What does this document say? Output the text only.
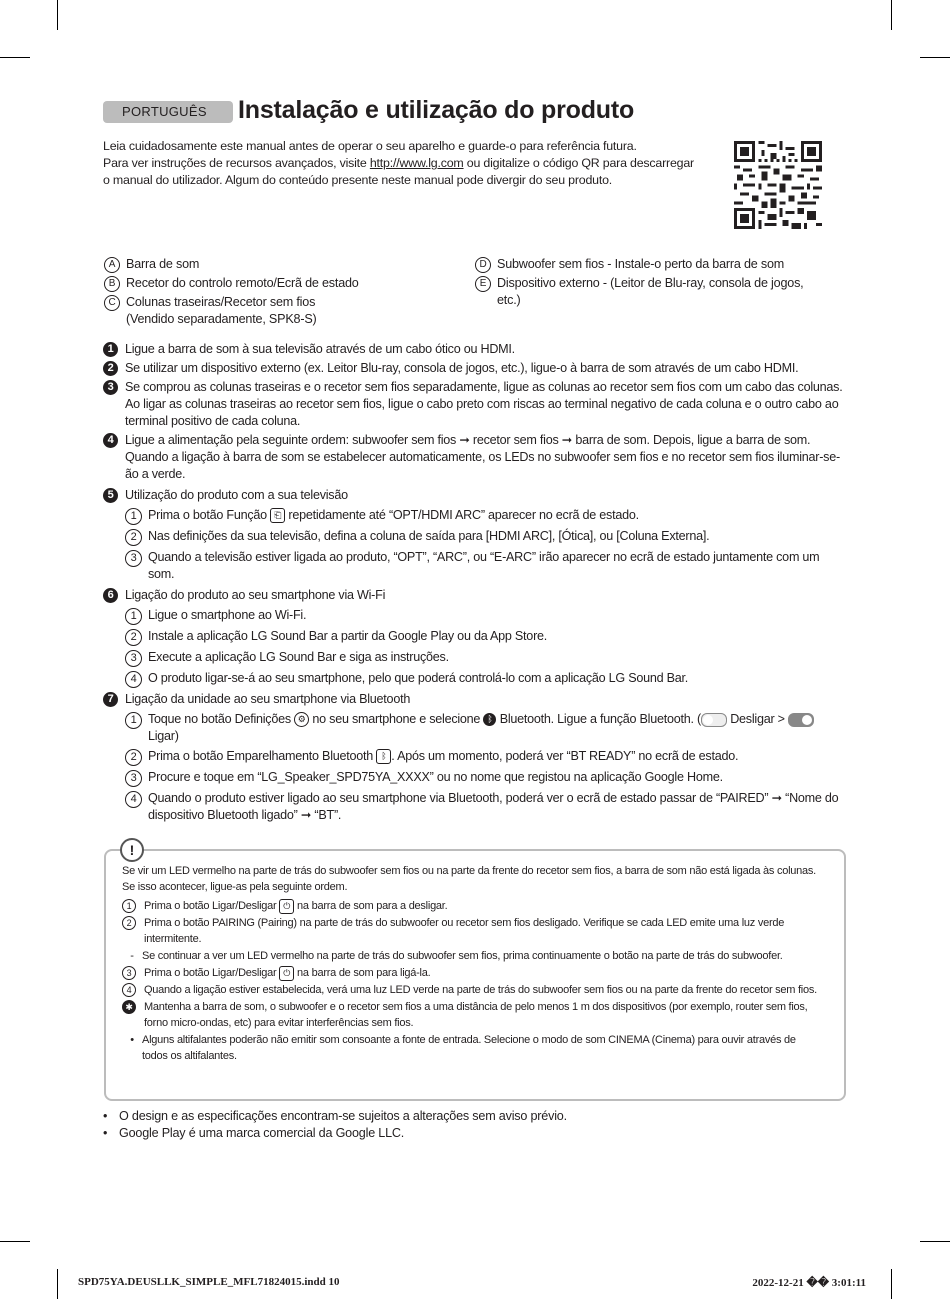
PORTUGUÊS	Instalação e utilização do produto
Leia cuidadosamente este manual antes de operar o seu aparelho e guarde-o para referência futura.
Para ver instruções de recursos avançados, visite http://www.lg.com ou digitalize o código QR para descarregar
o manual do utilizador. Algum do conteúdo presente neste manual pode divergir do seu produto.
A Barra de som
B Recetor do controlo remoto/Ecrã de estado
C Colunas traseiras/Recetor sem fios (Vendido separadamente, SPK8-S)
D Subwoofer sem fios - Instale-o perto da barra de som
E Dispositivo externo - (Leitor de Blu-ray, consola de jogos, etc.)
1 Ligue a barra de som à sua televisão através de um cabo ótico ou HDMI.
2 Se utilizar um dispositivo externo (ex. Leitor Blu-ray, consola de jogos, etc.), ligue-o à barra de som através de um cabo HDMI.
3 Se comprou as colunas traseiras e o recetor sem fios separadamente, ligue as colunas ao recetor sem fios com um cabo das colunas. Ao ligar as colunas traseiras ao recetor sem fios, ligue o cabo preto com riscas ao terminal negativo de cada coluna e o outro cabo ao terminal positivo de cada coluna.
4 Ligue a alimentação pela seguinte ordem: subwoofer sem fios ➞ recetor sem fios ➞ barra de som. Depois, ligue a barra de som. Quando a ligação à barra de som se estabelecer automaticamente, os LEDs no subwoofer sem fios e no recetor sem fios iluminar-se-ão a verde.
5 Utilização do produto com a sua televisão
1 Prima o botão Função ⎗ repetidamente até “OPT/HDMI ARC” aparecer no ecrã de estado.
2 Nas definições da sua televisão, defina a coluna de saída para [HDMI ARC], [Ótica], ou [Coluna Externa].
3 Quando a televisão estiver ligada ao produto, “OPT”, “ARC”, ou “E-ARC” irão aparecer no ecrã de estado juntamente com um som.
6 Ligação do produto ao seu smartphone via Wi-Fi
1 Ligue o smartphone ao Wi-Fi.
2 Instale a aplicação LG Sound Bar a partir da Google Play ou da App Store.
3 Execute a aplicação LG Sound Bar e siga as instruções.
4 O produto ligar-se-á ao seu smartphone, pelo que poderá controlá-lo com a aplicação LG Sound Bar.
7 Ligação da unidade ao seu smartphone via Bluetooth
1 Toque no botão Definições ⚙ no seu smartphone e selecione ᛒ Bluetooth. Ligue a função Bluetooth. ( Desligar >  Ligar)
2 Prima o botão Emparelhamento Bluetooth ᛒ . Após um momento, poderá ver “BT READY” no ecrã de estado.
3 Procure e toque em “LG_Speaker_SPD75YA_XXXX” ou no nome que registou na aplicação Google Home.
4 Quando o produto estiver ligado ao seu smartphone via Bluetooth, poderá ver o ecrã de estado passar de “PAIRED” ➞ “Nome do dispositivo Bluetooth ligado” ➞ “BT”.
!
Se vir um LED vermelho na parte de trás do subwoofer sem fios ou na parte da frente do recetor sem fios, a barra de som não está ligada às colunas. Se isso acontecer, ligue-as pela seguinte ordem.
1	Prima o botão Ligar/Desligar ⏻ na barra de som para a desligar.
2	Prima o botão PAIRING (Pairing) na parte de trás do subwoofer ou recetor sem fios desligado. Verifique se cada LED emite uma luz verde intermitente.
- Se continuar a ver um LED vermelho na parte de trás do subwoofer sem fios, prima continuamente o botão na parte de trás do subwoofer.
3	Prima o botão Ligar/Desligar ⏻ na barra de som para ligá-la.
4	Quando a ligação estiver estabelecida, verá uma luz LED verde na parte de trás do subwoofer sem fios ou na parte da frente do recetor sem fios.
✱	Mantenha a barra de som, o subwoofer e o recetor sem fios a uma distância de pelo menos 1 m dos dispositivos (por exemplo, router sem fios, forno micro-ondas, etc) para evitar interferências sem fios.
• Alguns altifalantes poderão não emitir som consoante a fonte de entrada. Selecione o modo de som CINEMA (Cinema) para ouvir através de todos os altifalantes.
• O design e as especificações encontram-se sujeitos a alterações sem aviso prévio.
• Google Play é uma marca comercial da Google LLC.
SPD75YA.DEUSLLK_SIMPLE_MFL71824015.indd 10	2022-12-21 �� 3:01:11
